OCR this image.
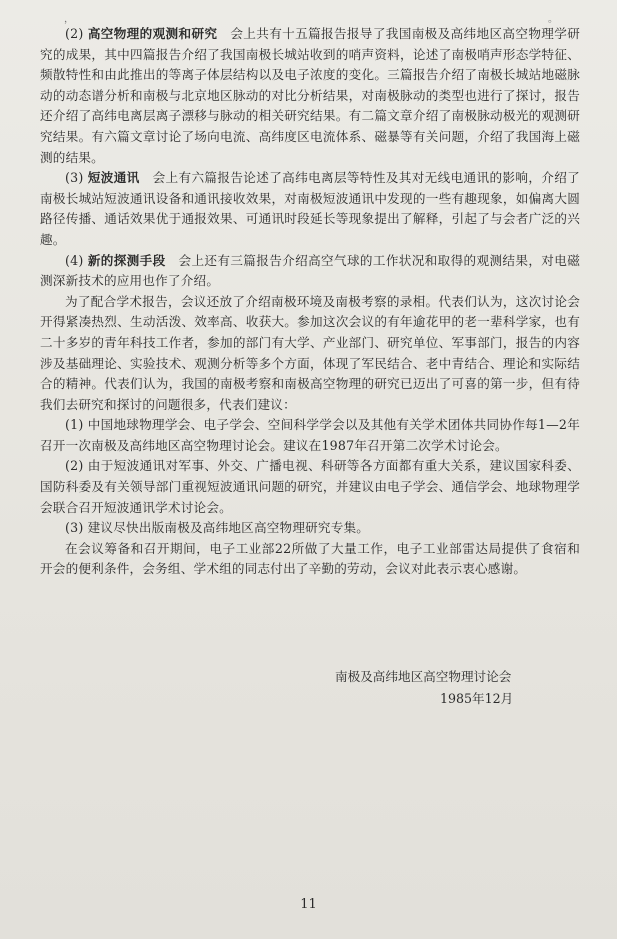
，	。

(2) 高空物理的观测和研究　会上共有十五篇报告报导了我国南极及高纬地区高空物理学研究的成果，其中四篇报告介绍了我国南极长城站收到的哨声资料，论述了南极哨声形态学特征、频散特性和由此推出的等离子体层结构以及电子浓度的变化。三篇报告介绍了南极长城站地磁脉动的动态谱分析和南极与北京地区脉动的对比分析结果，对南极脉动的类型也进行了探讨，报告还介绍了高纬电离层离子漂移与脉动的相关研究结果。有二篇文章介绍了南极脉动极光的观测研究结果。有六篇文章讨论了场向电流、高纬度区电流体系、磁暴等有关问题，介绍了我国海上磁测的结果。

(3) 短波通讯　会上有六篇报告论述了高纬电离层等特性及其对无线电通讯的影响，介绍了南极长城站短波通讯设备和通讯接收效果，对南极短波通讯中发现的一些有趣现象，如偏离大圆路径传播、通话效果优于通报效果、可通讯时段延长等现象提出了解释，引起了与会者广泛的兴趣。

(4) 新的探测手段　会上还有三篇报告介绍高空气球的工作状况和取得的观测结果，对电磁测深新技术的应用也作了介绍。

为了配合学术报告，会议还放了介绍南极环境及南极考察的录相。代表们认为，这次讨论会开得紧凑热烈、生动活泼、效率高、收获大。参加这次会议的有年逾花甲的老一辈科学家，也有二十多岁的青年科技工作者，参加的部门有大学、产业部门、研究单位、军事部门，报告的内容涉及基础理论、实验技术、观测分析等多个方面，体现了军民结合、老中青结合、理论和实际结合的精神。代表们认为，我国的南极考察和南极高空物理的研究已迈出了可喜的第一步，但有待我们去研究和探讨的问题很多，代表们建议：

(1) 中国地球物理学会、电子学会、空间科学学会以及其他有关学术团体共同协作每1—2年召开一次南极及高纬地区高空物理讨论会。建议在1987年召开第二次学术讨论会。

(2) 由于短波通讯对军事、外交、广播电视、科研等各方面都有重大关系，建议国家科委、国防科委及有关领导部门重视短波通讯问题的研究，并建议由电子学会、通信学会、地球物理学会联合召开短波通讯学术讨论会。

(3) 建议尽快出版南极及高纬地区高空物理研究专集。

在会议筹备和召开期间，电子工业部22所做了大量工作，电子工业部雷达局提供了食宿和开会的便利条件，会务组、学术组的同志付出了辛勤的劳动，会议对此表示衷心感谢。

南极及高纬地区高空物理讨论会
1985年12月
11
